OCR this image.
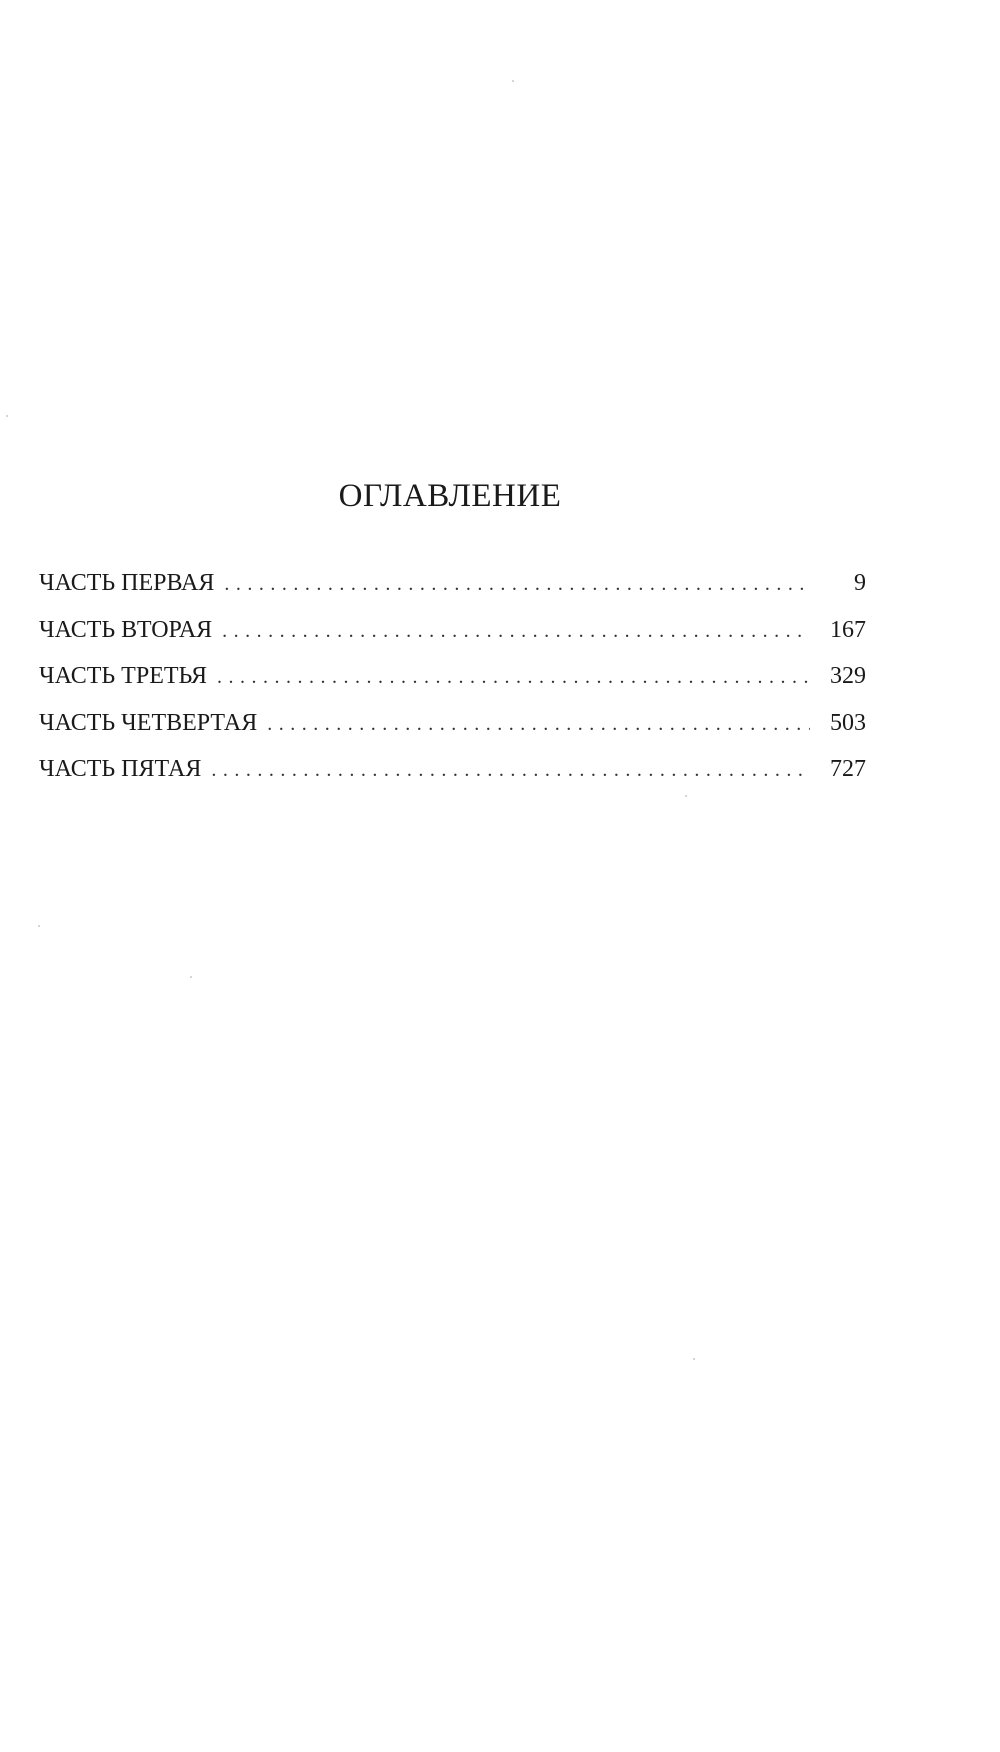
ОГЛАВЛЕНИЕ
ЧАСТЬ ПЕРВАЯ . . .	9
ЧАСТЬ ВТОРАЯ . . .	167
ЧАСТЬ ТРЕТЬЯ . . .	329
ЧАСТЬ ЧЕТВЕРТАЯ . . .	503
ЧАСТЬ ПЯТАЯ . . .	727
